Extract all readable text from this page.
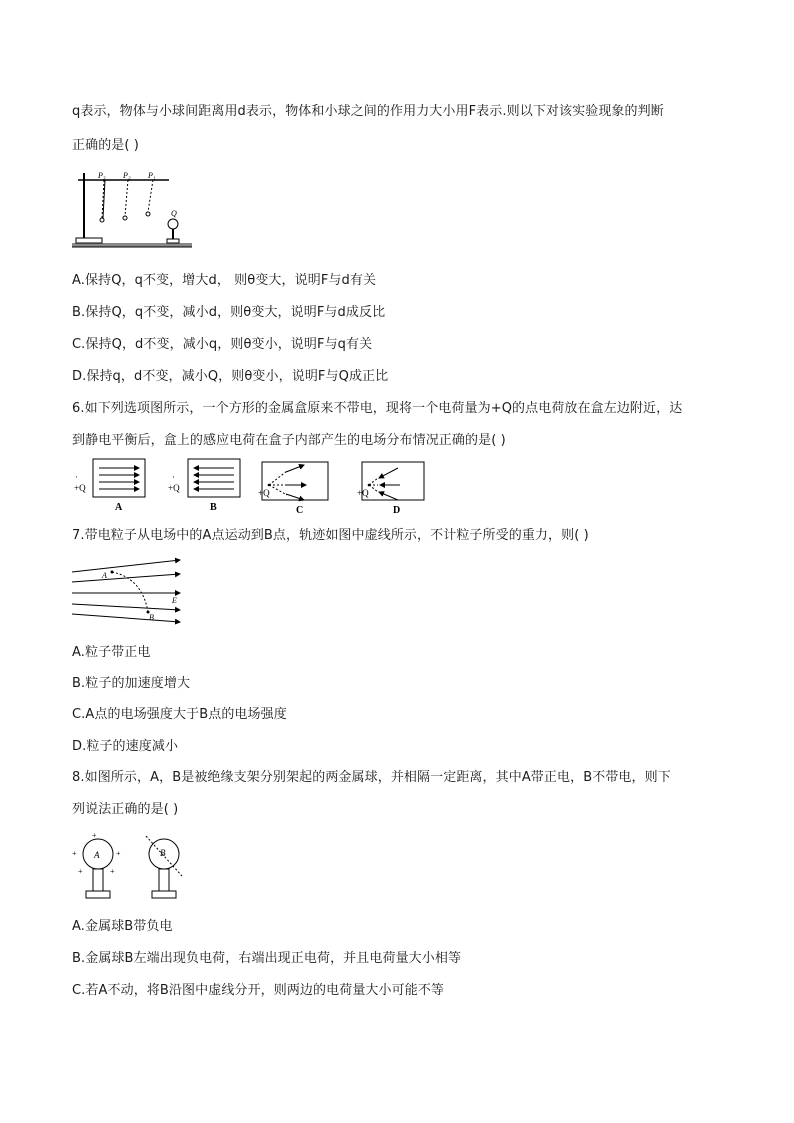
q表示，物体与小球间距离用d表示，物体和小球之间的作用力大小用F表示.则以下对该实验现象的判断
正确的是( )
P₃ P₂ P₁
Q
A.保持Q，q不变，增大d， 则θ变大，说明F与d有关
B.保持Q，q不变，减小d，则θ变大，说明F与d成反比
C.保持Q，d不变，减小q，则θ变小，说明F与q有关
D.保持q，d不变，减小Q，则θ变小，说明F与Q成正比
6.如下列选项图所示，一个方形的金属盒原来不带电，现将一个电荷量为+Q的点电荷放在盒左边附近，达
到静电平衡后，盒上的感应电荷在盒子内部产生的电场分布情况正确的是( )
+Q
·
A
+Q
·
B
+Q
C
+Q
D
7.带电粒子从电场中的A点运动到B点，轨迹如图中虚线所示，不计粒子所受的重力，则( )
A
B
E
A.粒子带正电
B.粒子的加速度增大
C.A点的电场强度大于B点的电场强度
D.粒子的速度减小
8.如图所示，A，B是被绝缘支架分别架起的两金属球，并相隔一定距离，其中A带正电，B不带电，则下
列说法正确的是( )
A
+
+	+
+	+
B
A.金属球B带负电
B.金属球B左端出现负电荷，右端出现正电荷，并且电荷量大小相等
C.若A不动，将B沿图中虚线分开，则两边的电荷量大小可能不等
